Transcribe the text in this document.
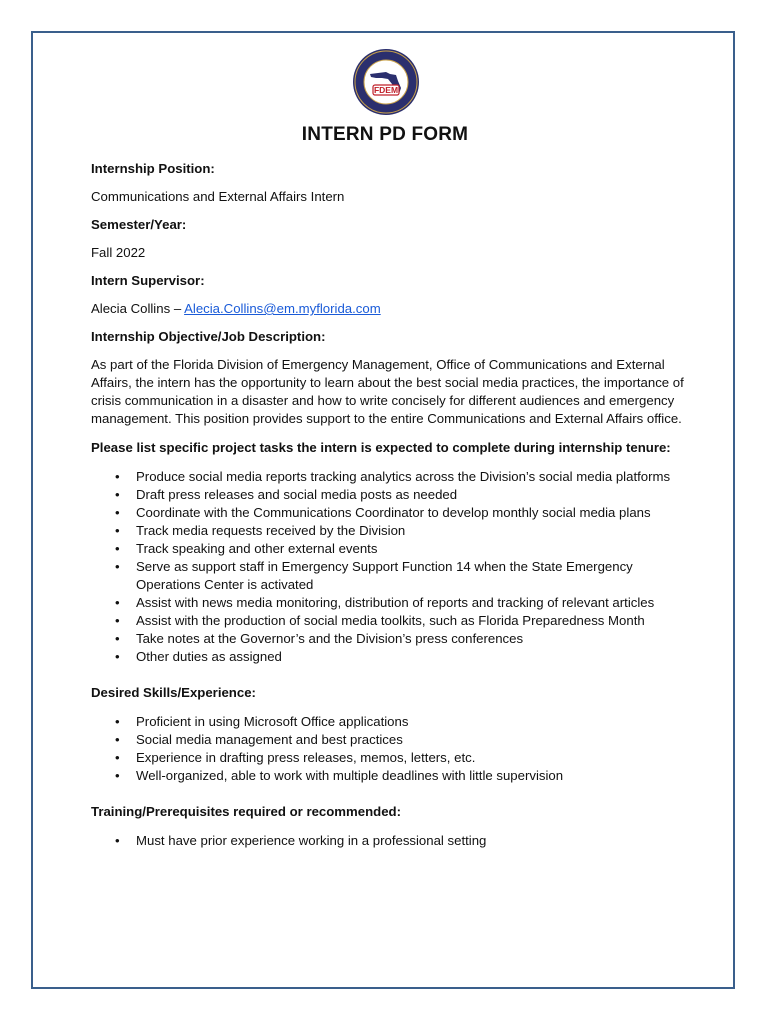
FDEM
INTERN PD FORM

Internship Position:

Communications and External Affairs Intern

Semester/Year:

Fall 2022

Intern Supervisor:

Alecia Collins – Alecia.Collins@em.myflorida.com

Internship Objective/Job Description:

As part of the Florida Division of Emergency Management, Office of Communications and External Affairs, the intern has the opportunity to learn about the best social media practices, the importance of crisis communication in a disaster and how to write concisely for different audiences and emergency management. This position provides support to the entire Communications and External Affairs office.

Please list specific project tasks the intern is expected to complete during internship tenure:

• Produce social media reports tracking analytics across the Division’s social media platforms
• Draft press releases and social media posts as needed
• Coordinate with the Communications Coordinator to develop monthly social media plans
• Track media requests received by the Division
• Track speaking and other external events
• Serve as support staff in Emergency Support Function 14 when the State Emergency Operations Center is activated
• Assist with news media monitoring, distribution of reports and tracking of relevant articles
• Assist with the production of social media toolkits, such as Florida Preparedness Month
• Take notes at the Governor’s and the Division’s press conferences
• Other duties as assigned

Desired Skills/Experience:

• Proficient in using Microsoft Office applications
• Social media management and best practices
• Experience in drafting press releases, memos, letters, etc.
• Well-organized, able to work with multiple deadlines with little supervision

Training/Prerequisites required or recommended:

• Must have prior experience working in a professional setting
